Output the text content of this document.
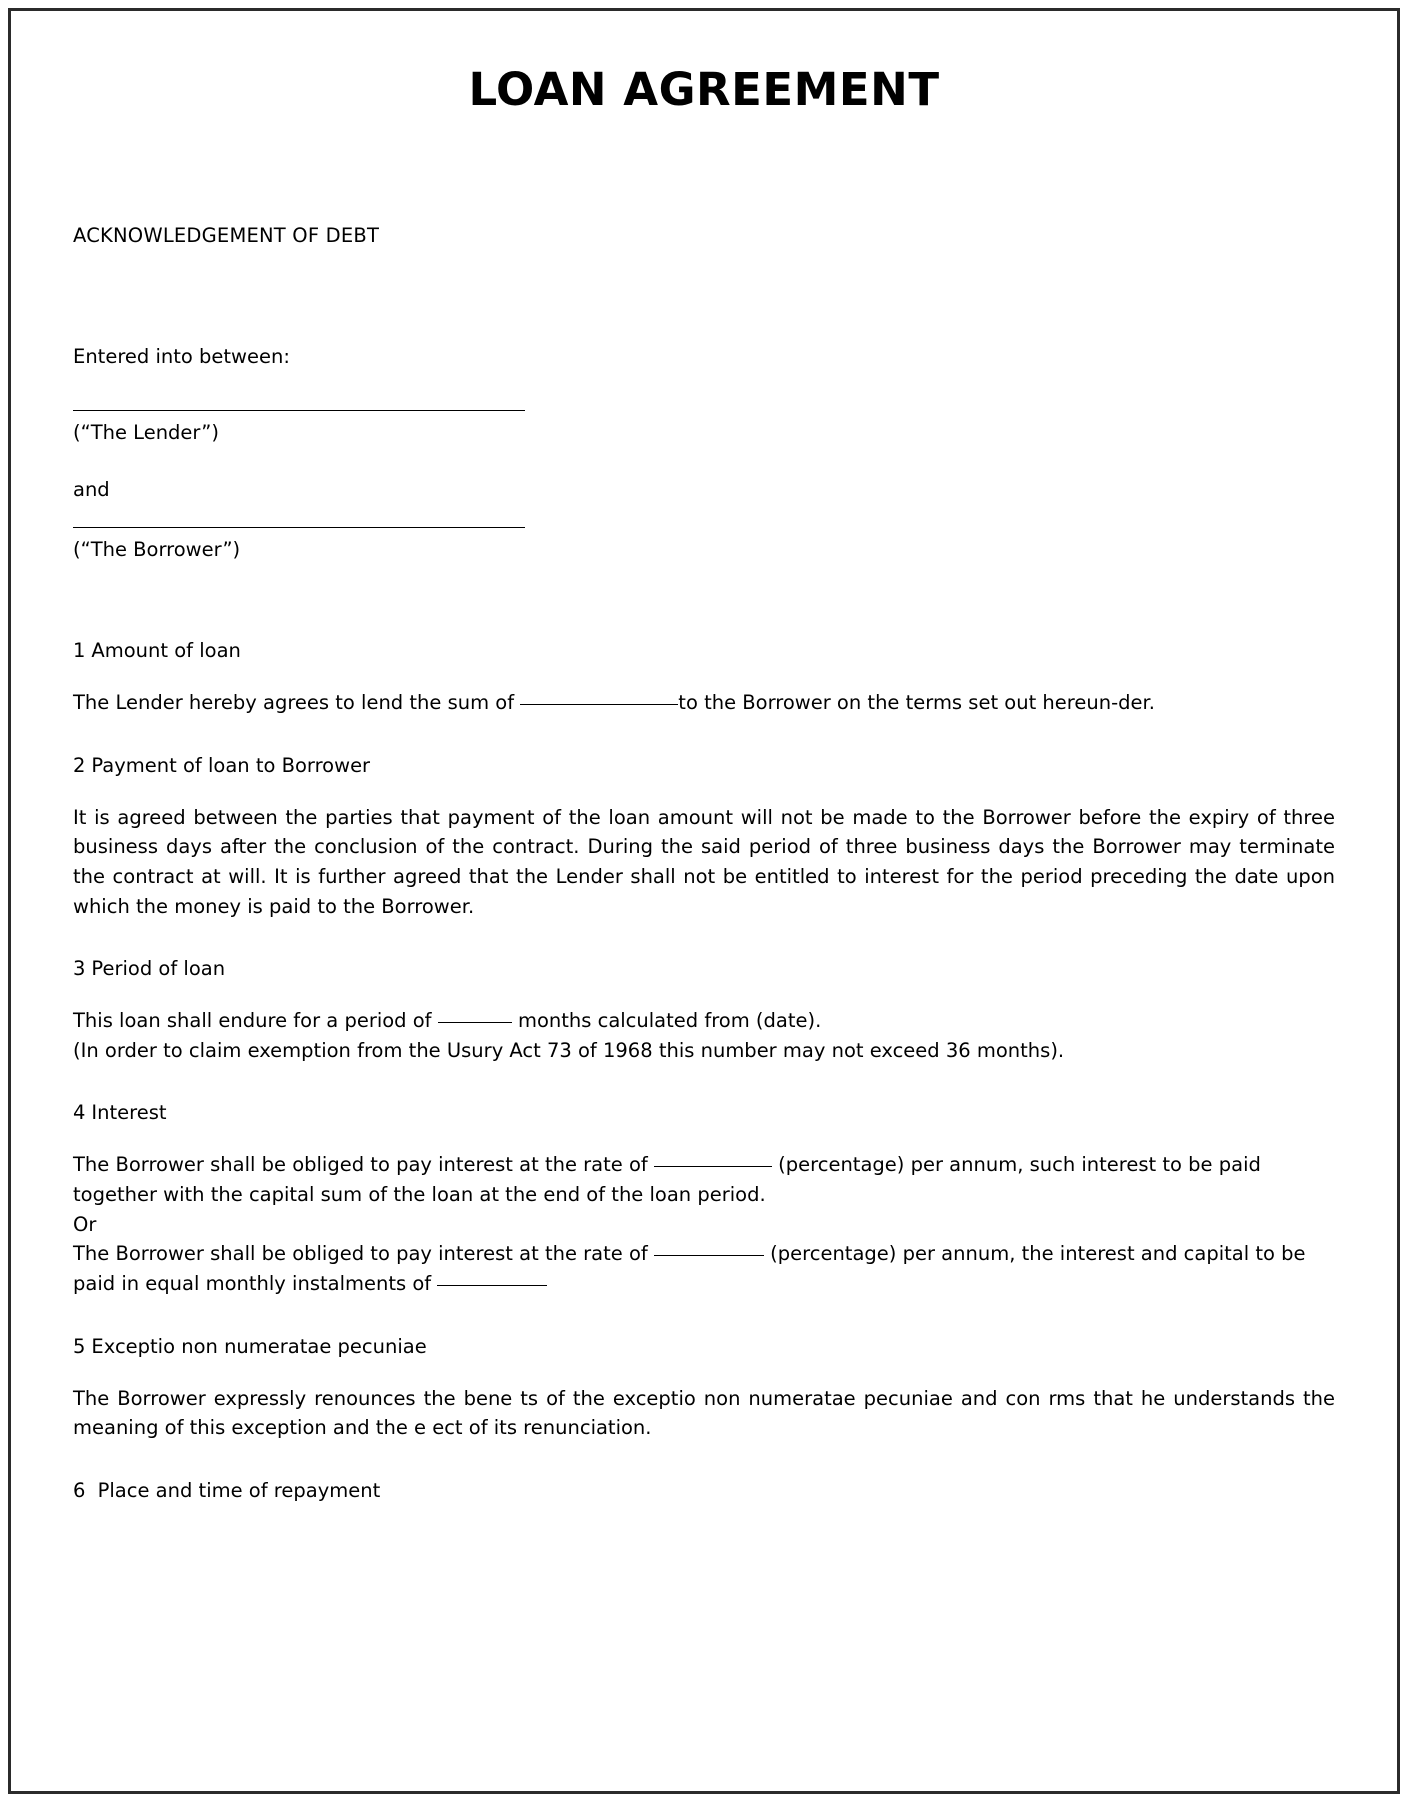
LOAN AGREEMENT
ACKNOWLEDGEMENT OF DEBT
Entered into between:
(“The Lender”)
and
(“The Borrower”)
1 Amount of loan

The Lender hereby agrees to lend the sum of	to the Borrower on the terms set out hereun-der.

2 Payment of loan to Borrower

It is agreed between the parties that payment of the loan amount will not be made to the Borrower before the expiry of three business days after the conclusion of the contract. During the said period of three business days the Borrower may terminate the contract at will. It is further agreed that the Lender shall not be entitled to interest for the period preceding the date upon which the money is paid to the Borrower.

3 Period of loan

This loan shall endure for a period of	months calculated from (date).

(In order to claim exemption from the Usury Act 73 of 1968 this number may not exceed 36 months).

4 Interest

The Borrower shall be obliged to pay interest at the rate of	(percentage) per annum, such interest to be paid together with the capital sum of the loan at the end of the loan period.

Or

The Borrower shall be obliged to pay interest at the rate of	(percentage) per annum, the interest and capital to be paid in equal monthly instalments of

5 Exceptio non numeratae pecuniae

The Borrower expressly renounces the bene ts of the exceptio non numeratae pecuniae and con rms that he understands the meaning of this exception and the e ect of its renunciation.

6 Place and time of repayment
